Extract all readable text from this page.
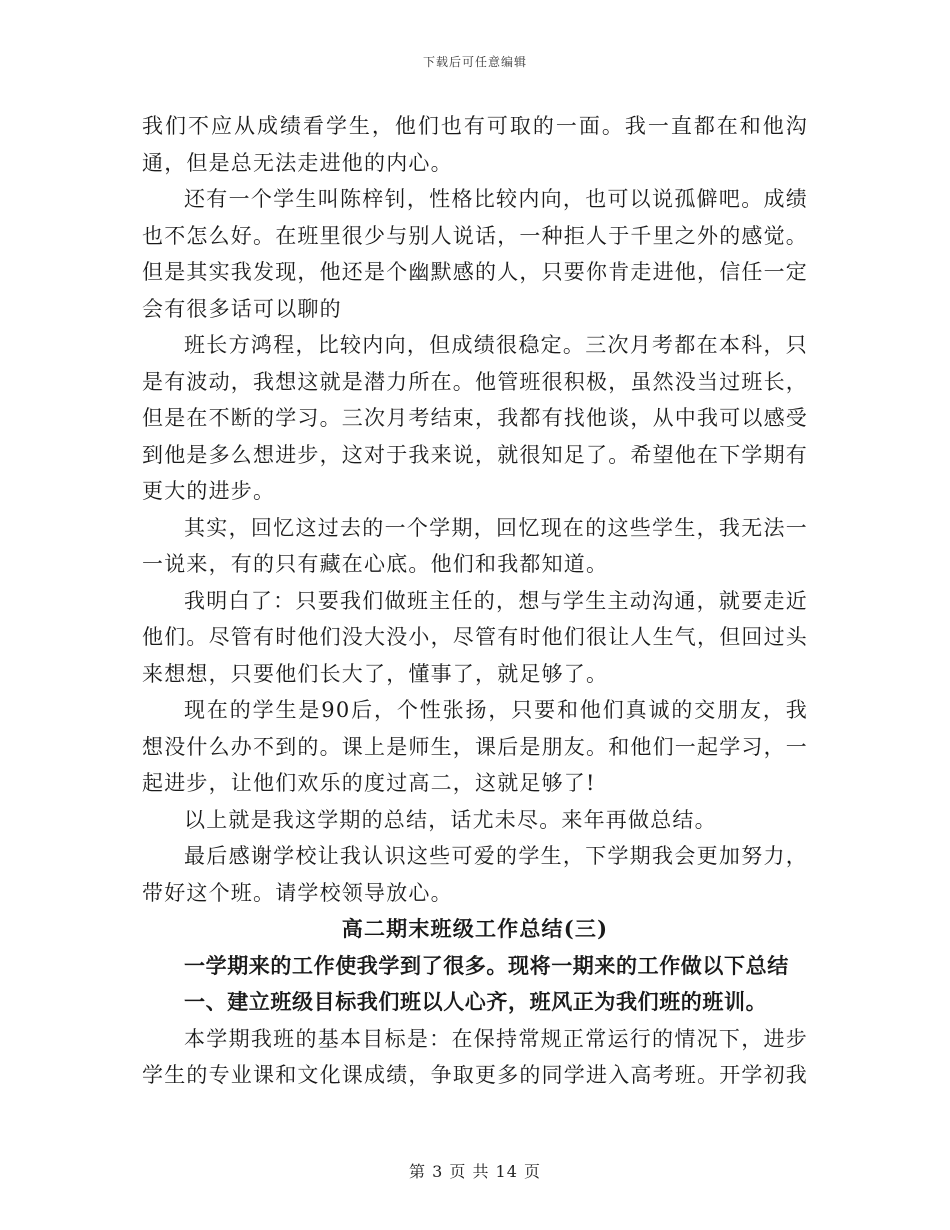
下载后可任意编辑

我们不应从成绩看学生，他们也有可取的一面。我一直都在和他沟通，但是总无法走进他的内心。

还有一个学生叫陈梓钊，性格比较内向，也可以说孤僻吧。成绩也不怎么好。在班里很少与别人说话，一种拒人于千里之外的感觉。但是其实我发现，他还是个幽默感的人，只要你肯走进他，信任一定会有很多话可以聊的

班长方鸿程，比较内向，但成绩很稳定。三次月考都在本科，只是有波动，我想这就是潜力所在。他管班很积极，虽然没当过班长，但是在不断的学习。三次月考结束，我都有找他谈，从中我可以感受到他是多么想进步，这对于我来说，就很知足了。希望他在下学期有更大的进步。

其实，回忆这过去的一个学期，回忆现在的这些学生，我无法一一说来，有的只有藏在心底。他们和我都知道。

我明白了：只要我们做班主任的，想与学生主动沟通，就要走近他们。尽管有时他们没大没小，尽管有时他们很让人生气，但回过头来想想，只要他们长大了，懂事了，就足够了。

现在的学生是90后，个性张扬，只要和他们真诚的交朋友，我想没什么办不到的。课上是师生，课后是朋友。和他们一起学习，一起进步，让他们欢乐的度过高二，这就足够了!

以上就是我这学期的总结，话尤未尽。来年再做总结。

最后感谢学校让我认识这些可爱的学生，下学期我会更加努力，带好这个班。请学校领导放心。

高二期末班级工作总结(三)

一学期来的工作使我学到了很多。现将一期来的工作做以下总结

一、建立班级目标我们班以人心齐，班风正为我们班的班训。

本学期我班的基本目标是：在保持常规正常运行的情况下，进步学生的专业课和文化课成绩，争取更多的同学进入高考班。开学初我

第 3 页 共 14 页
